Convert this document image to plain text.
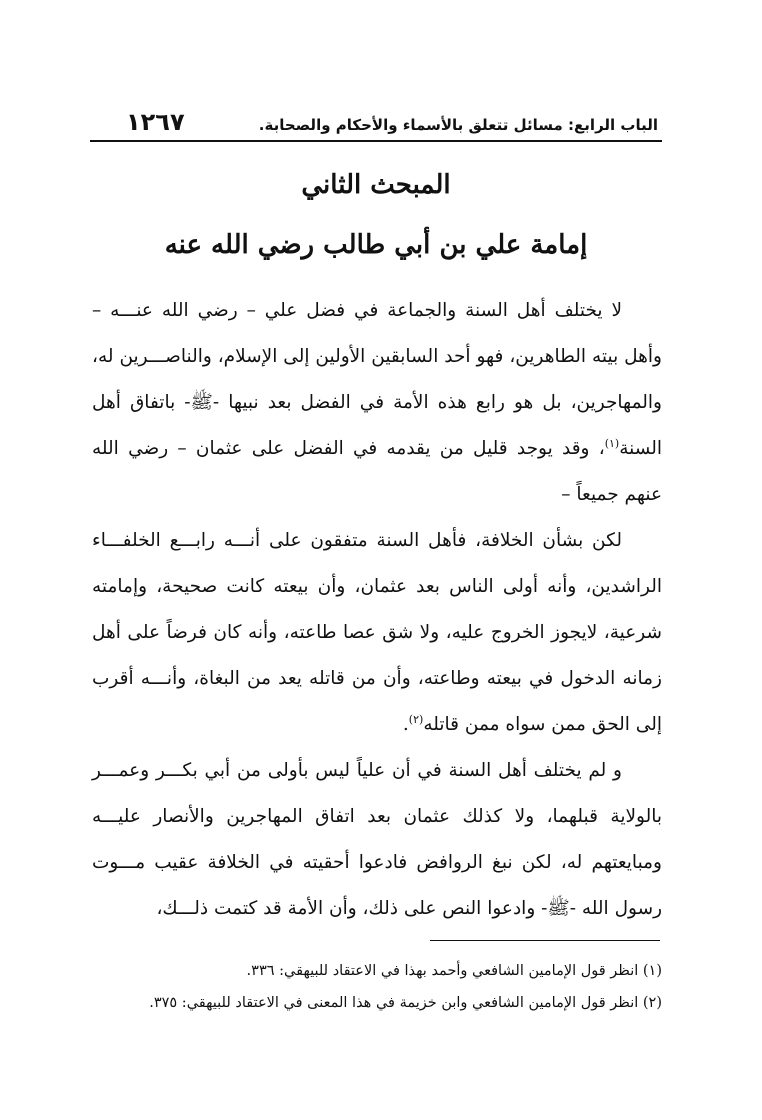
الباب الرابع: مسائل تتعلق بالأسماء والأحكام والصحابة.
١٢٦٧
المبحث الثاني
إمامة علي بن أبي طالب رضي الله عنه

لا يختلف أهل السنة والجماعة في فضل علي – رضي الله عنـــه – وأهل بيته الطاهرين، فهو أحد السابقين الأولين إلى الإسلام، والناصـــرين له، والمهاجرين، بل هو رابع هذه الأمة في الفضل بعد نبيها -ﷺ- باتفاق أهل السنة$^{(١)}$، وقد يوجد قليل من يقدمه في الفضل على عثمان – رضي الله عنهم جميعاً –

لكن بشأن الخلافة، فأهل السنة متفقون على أنـــه رابـــع الخلفـــاء الراشدين، وأنه أولى الناس بعد عثمان، وأن بيعته كانت صحيحة، وإمامته شرعية، لايجوز الخروج عليه، ولا شق عصا طاعته، وأنه كان فرضاً على أهل زمانه الدخول في بيعته وطاعته، وأن من قاتله يعد من البغاة، وأنـــه أقرب إلى الحق ممن سواه ممن قاتله$^{(٢)}$.

و لم يختلف أهل السنة في أن علياً ليس بأولى من أبي بكـــر وعمـــر بالولاية قبلهما، ولا كذلك عثمان بعد اتفاق المهاجرين والأنصار عليـــه ومبايعتهم له، لكن نبغ الروافض فادعوا أحقيته في الخلافة عقيب مـــوت رسول الله -ﷺ- وادعوا النص على ذلك، وأن الأمة قد كتمت ذلـــك،

(١) انظر قول الإمامين الشافعي وأحمد بهذا في الاعتقاد للبيهقي: ٣٣٦.
(٢) انظر قول الإمامين الشافعي وابن خزيمة في هذا المعنى في الاعتقاد للبيهقي: ٣٧٥.
